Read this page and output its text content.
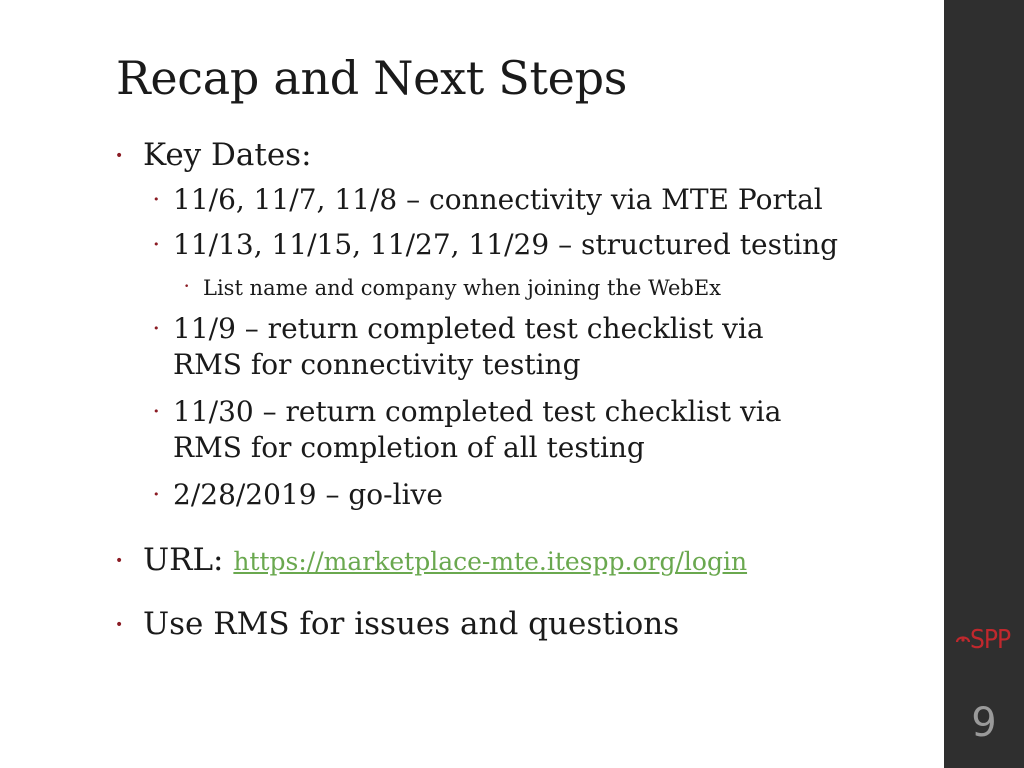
Recap and Next Steps
• Key Dates:
• 11/6, 11/7, 11/8 – connectivity via MTE Portal
• 11/13, 11/15, 11/27, 11/29 – structured testing
• List name and company when joining the WebEx
• 11/9 – return completed test checklist via
RMS for connectivity testing
• 11/30 – return completed test checklist via
RMS for completion of all testing
• 2/28/2019 – go-live
• URL: https://marketplace-mte.itespp.org/login
• Use RMS for issues and questions	SPP
9
